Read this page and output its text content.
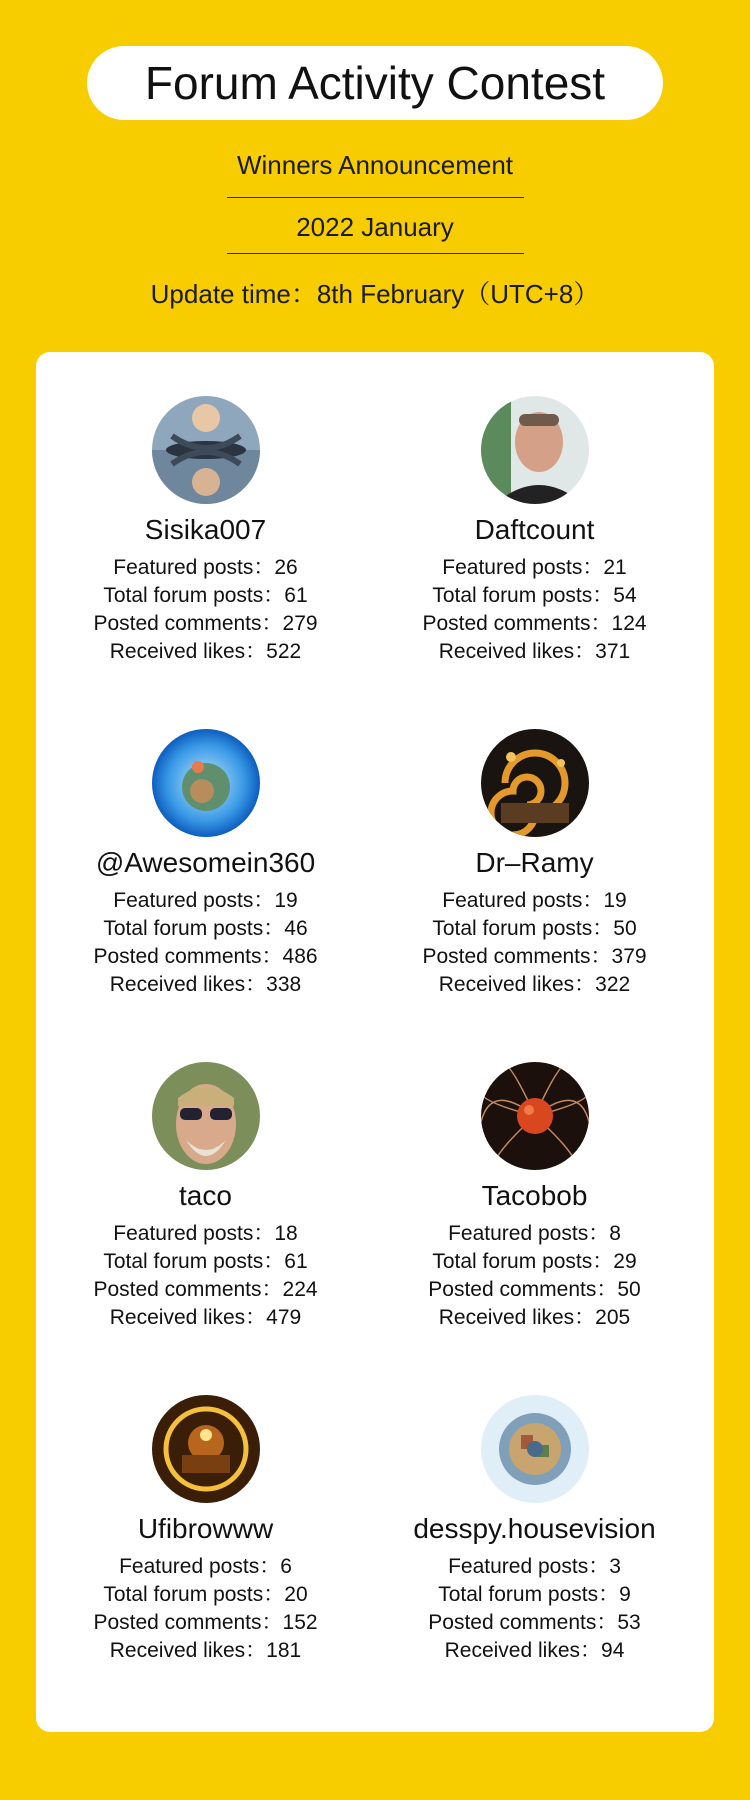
Forum Activity Contest
Winners Announcement
2022 January
Update time：8th February（UTC+8）
Sisika007
Featured posts：26
Total forum posts：61
Posted comments：279
Received likes：522
Daftcount
Featured posts：21
Total forum posts：54
Posted comments：124
Received likes：371
@Awesomein360
Featured posts：19
Total forum posts：46
Posted comments：486
Received likes：338
Dr–Ramy
Featured posts：19
Total forum posts：50
Posted comments：379
Received likes：322
taco
Featured posts：18
Total forum posts：61
Posted comments：224
Received likes：479
Tacobob
Featured posts：8
Total forum posts：29
Posted comments：50
Received likes：205
Ufibrowww
Featured posts：6
Total forum posts：20
Posted comments：152
Received likes：181
desspy.housevision
Featured posts：3
Total forum posts：9
Posted comments：53
Received likes：94
